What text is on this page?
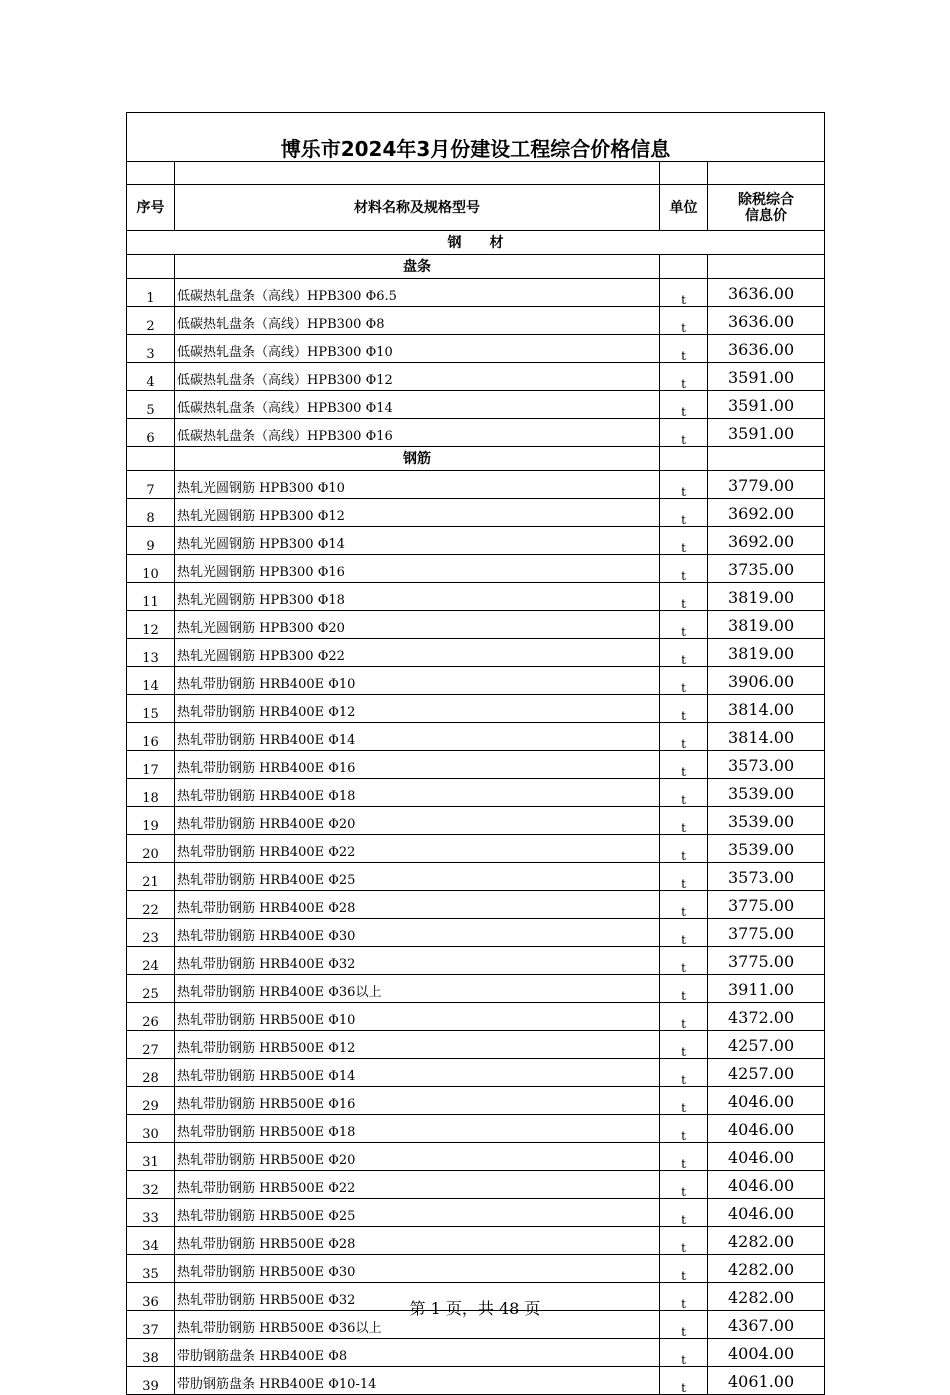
博乐市2024年3月份建设工程综合价格信息			

序号	材料名称及规格型号	单位	除税综合
信息价
钢　　材			
	盘条		
1	低碳热轧盘条（高线）HPB300 Φ6.5	t	3636.00
2	低碳热轧盘条（高线）HPB300 Φ8	t	3636.00
3	低碳热轧盘条（高线）HPB300 Φ10	t	3636.00
4	低碳热轧盘条（高线）HPB300 Φ12	t	3591.00
5	低碳热轧盘条（高线）HPB300 Φ14	t	3591.00
6	低碳热轧盘条（高线）HPB300 Φ16	t	3591.00
	钢筋		
7	热轧光圆钢筋 HPB300 Φ10	t	3779.00
8	热轧光圆钢筋 HPB300 Φ12	t	3692.00
9	热轧光圆钢筋 HPB300 Φ14	t	3692.00
10	热轧光圆钢筋 HPB300 Φ16	t	3735.00
11	热轧光圆钢筋 HPB300 Φ18	t	3819.00
12	热轧光圆钢筋 HPB300 Φ20	t	3819.00
13	热轧光圆钢筋 HPB300 Φ22	t	3819.00
14	热轧带肋钢筋 HRB400E Φ10	t	3906.00
15	热轧带肋钢筋 HRB400E Φ12	t	3814.00
16	热轧带肋钢筋 HRB400E Φ14	t	3814.00
17	热轧带肋钢筋 HRB400E Φ16	t	3573.00
18	热轧带肋钢筋 HRB400E Φ18	t	3539.00
19	热轧带肋钢筋 HRB400E Φ20	t	3539.00
20	热轧带肋钢筋 HRB400E Φ22	t	3539.00
21	热轧带肋钢筋 HRB400E Φ25	t	3573.00
22	热轧带肋钢筋 HRB400E Φ28	t	3775.00
23	热轧带肋钢筋 HRB400E Φ30	t	3775.00
24	热轧带肋钢筋 HRB400E Φ32	t	3775.00
25	热轧带肋钢筋 HRB400E Φ36以上	t	3911.00
26	热轧带肋钢筋 HRB500E Φ10	t	4372.00
27	热轧带肋钢筋 HRB500E Φ12	t	4257.00
28	热轧带肋钢筋 HRB500E Φ14	t	4257.00
29	热轧带肋钢筋 HRB500E Φ16	t	4046.00
30	热轧带肋钢筋 HRB500E Φ18	t	4046.00
31	热轧带肋钢筋 HRB500E Φ20	t	4046.00
32	热轧带肋钢筋 HRB500E Φ22	t	4046.00
33	热轧带肋钢筋 HRB500E Φ25	t	4046.00
34	热轧带肋钢筋 HRB500E Φ28	t	4282.00
35	热轧带肋钢筋 HRB500E Φ30	t	4282.00
36	热轧带肋钢筋 HRB500E Φ32	t	4282.00
37	热轧带肋钢筋 HRB500E Φ36以上	t	4367.00
38	带肋钢筋盘条 HRB400E Φ8	t	4004.00
39	带肋钢筋盘条 HRB400E Φ10-14	t	4061.00
第 1 页，共 48 页
